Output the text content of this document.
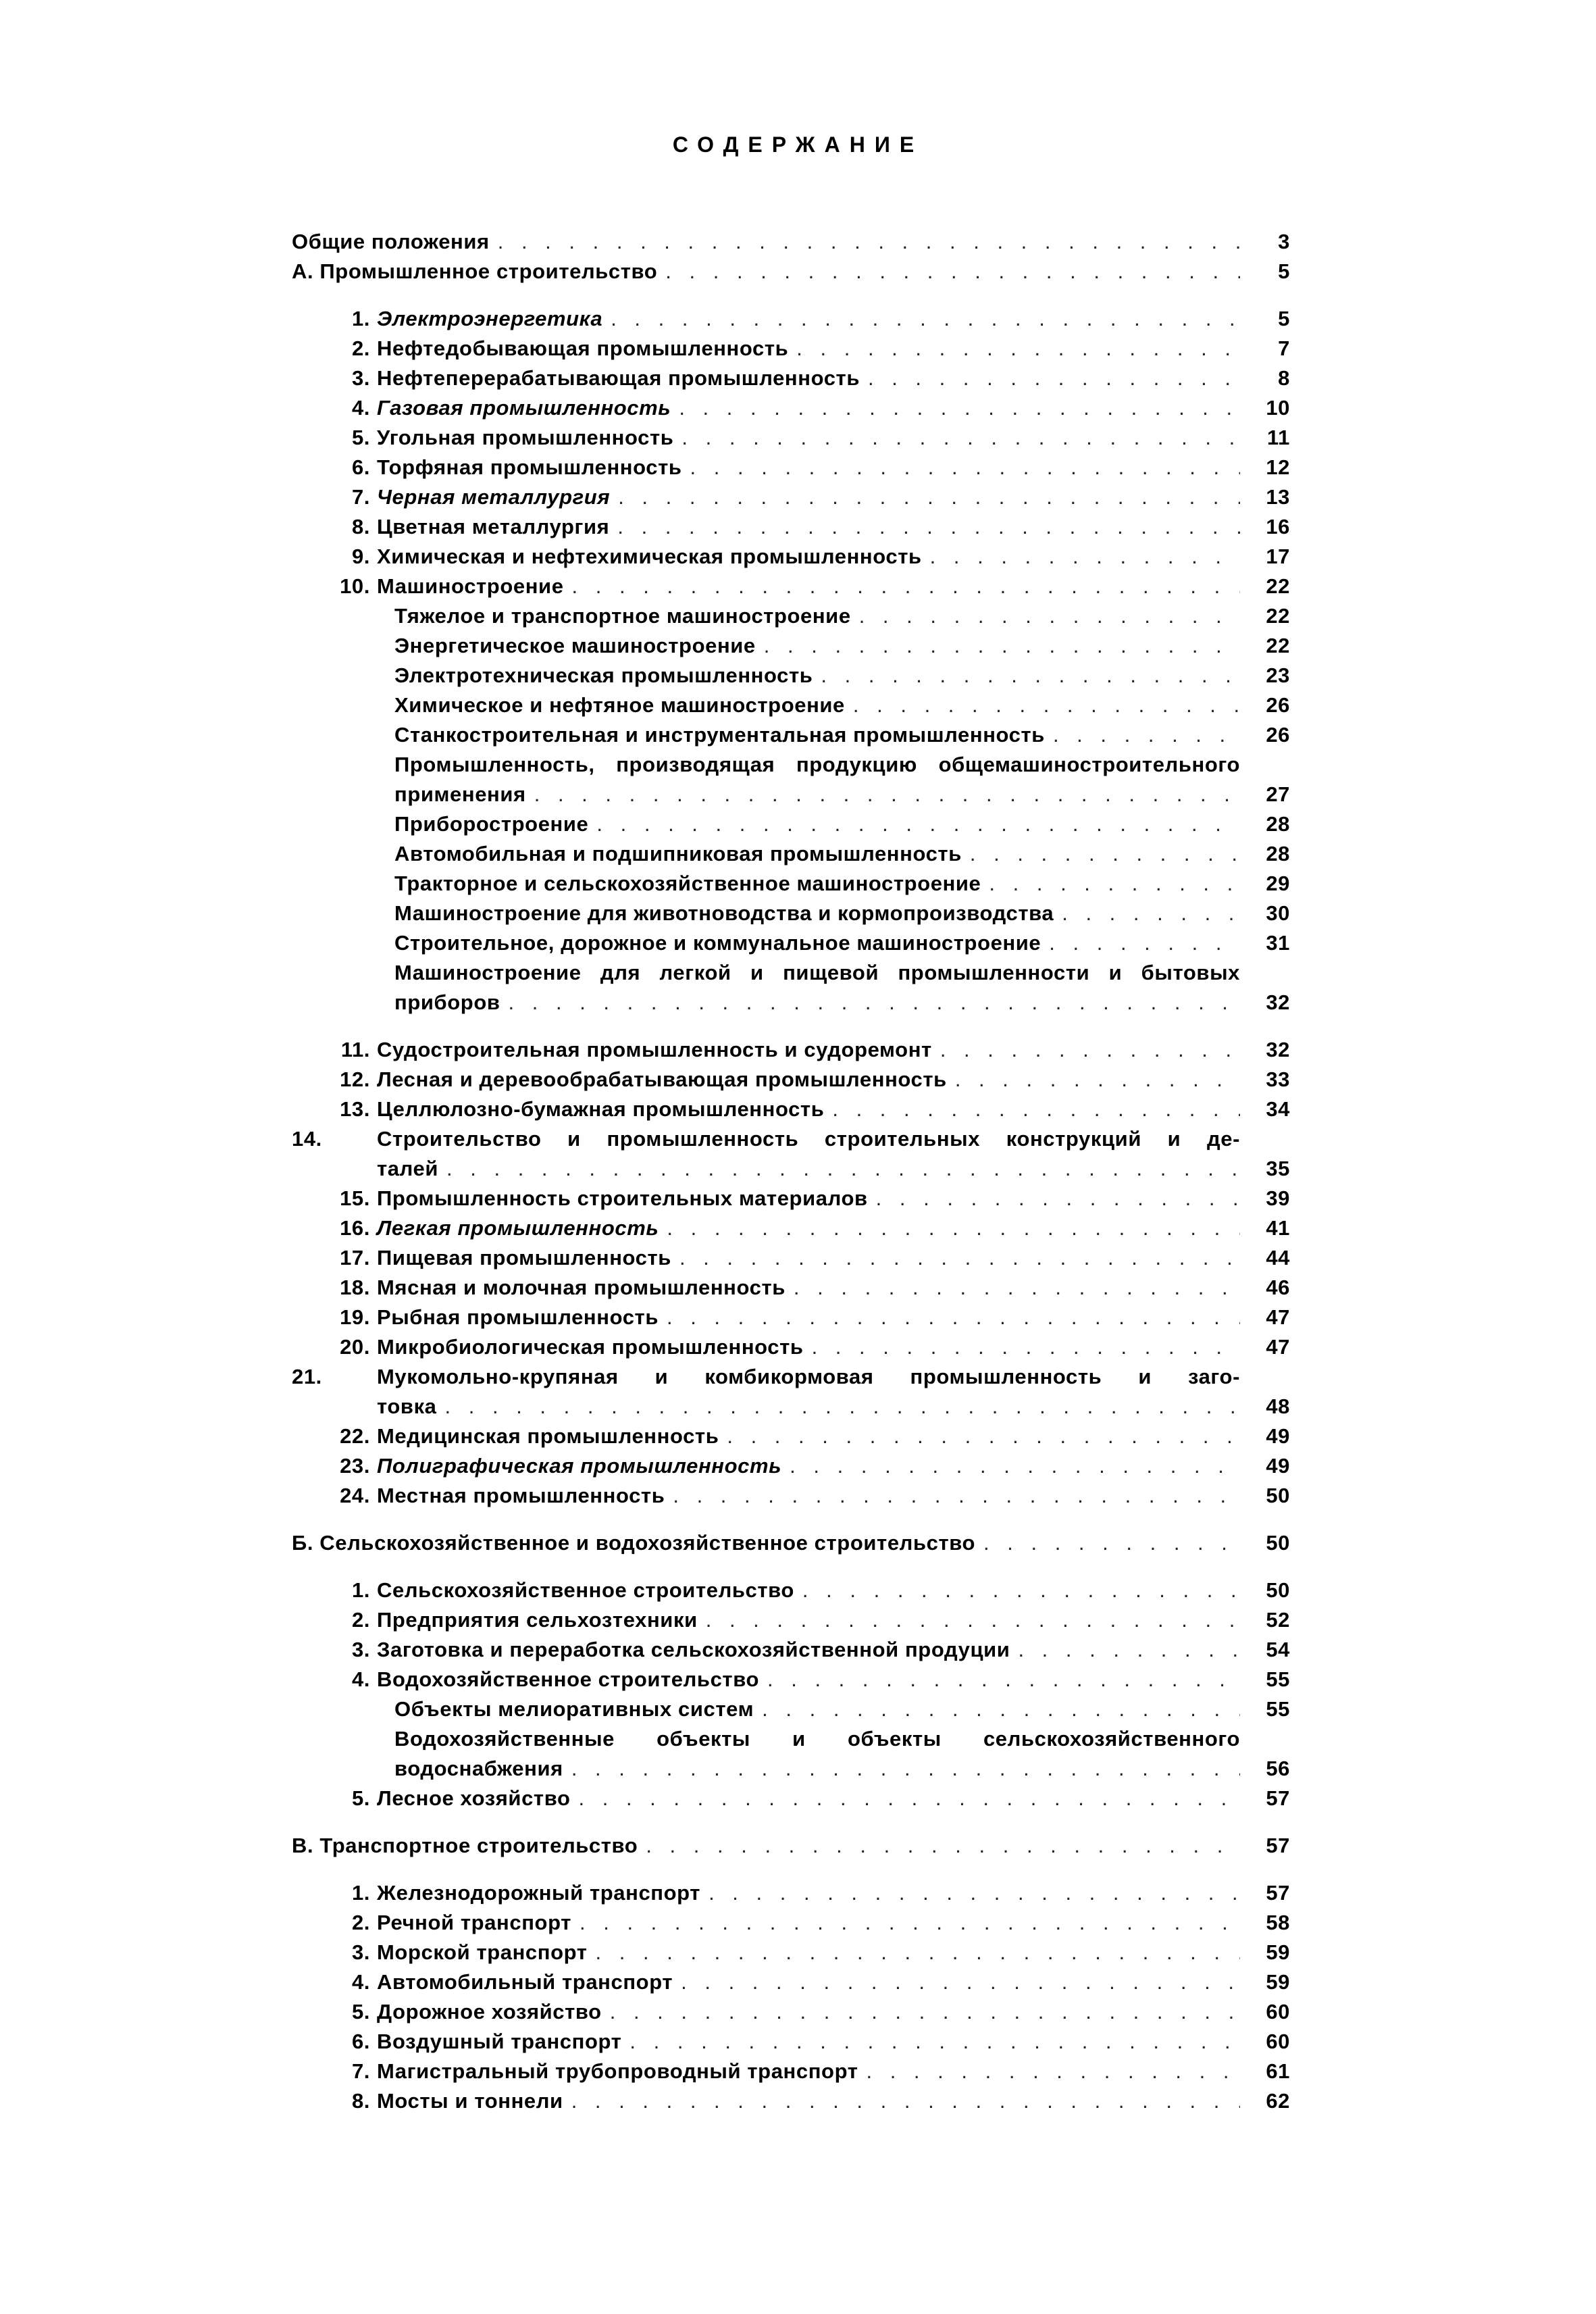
СОДЕРЖАНИЕ
Общие положения . . .	3
А. Промышленное строительство . . .	5
1. Электроэнергетика . . .	5
2. Нефтедобывающая промышленность . . .	7
3. Нефтеперерабатывающая промышленность . . .	8
4. Газовая промышленность . . .	10
5. Угольная промышленность . . .	11
6. Торфяная промышленность . . .	12
7. Черная металлургия . . .	13
8. Цветная металлургия . . .	16
9. Химическая и нефтехимическая промышленность . . .	17
10. Машиностроение . . .	22
Тяжелое и транспортное машиностроение . . .	22
Энергетическое машиностроение . . .	22
Электротехническая промышленность . . .	23
Химическое и нефтяное машиностроение . . .	26
Станкостроительная и инструментальная промышленность . . .	26
Промышленность, производящая продукцию общемашиностроительного
применения . . .	27
Приборостроение . . .	28
Автомобильная и подшипниковая промышленность . . .	28
Тракторное и сельскохозяйственное машиностроение . . .	29
Машиностроение для животноводства и кормопроизводства . . .	30
Строительное, дорожное и коммунальное машиностроение . . .	31
Машиностроение для легкой и пищевой промышленности и бытовых
приборов . . .	32
11. Судостроительная промышленность и судоремонт . . .	32
12. Лесная и деревообрабатывающая промышленность . . .	33
13. Целлюлозно-бумажная промышленность . . .	34
14.	Строительство и промышленность строительных конструкций и де-
талей . . .	35
15. Промышленность строительных материалов . . .	39
16. Легкая промышленность . . .	41
17. Пищевая промышленность . . .	44
18. Мясная и молочная промышленность . . .	46
19. Рыбная промышленность . . .	47
20. Микробиологическая промышленность . . .	47
21.	Мукомольно-крупяная и комбикормовая промышленность и заго-
товка . . .	48
22. Медицинская промышленность . . .	49
23. Полиграфическая промышленность . . .	49
24. Местная промышленность . . .	50
Б. Сельскохозяйственное и водохозяйственное строительство . . .	50
1. Сельскохозяйственное строительство . . .	50
2. Предприятия сельхозтехники . . .	52
3. Заготовка и переработка сельскохозяйственной продуции . . .	54
4. Водохозяйственное строительство . . .	55
Объекты мелиоративных систем . . .	55
Водохозяйственные объекты и объекты сельскохозяйственного
водоснабжения . . .	56
5. Лесное хозяйство . . .	57
В. Транспортное строительство . . .	57
1. Железнодорожный транспорт . . .	57
2. Речной транспорт . . .	58
3. Морской транспорт . . .	59
4. Автомобильный транспорт . . .	59
5. Дорожное хозяйство . . .	60
6. Воздушный транспорт . . .	60
7. Магистральный трубопроводный транспорт . . .	61
8. Мосты и тоннели . . .	62
